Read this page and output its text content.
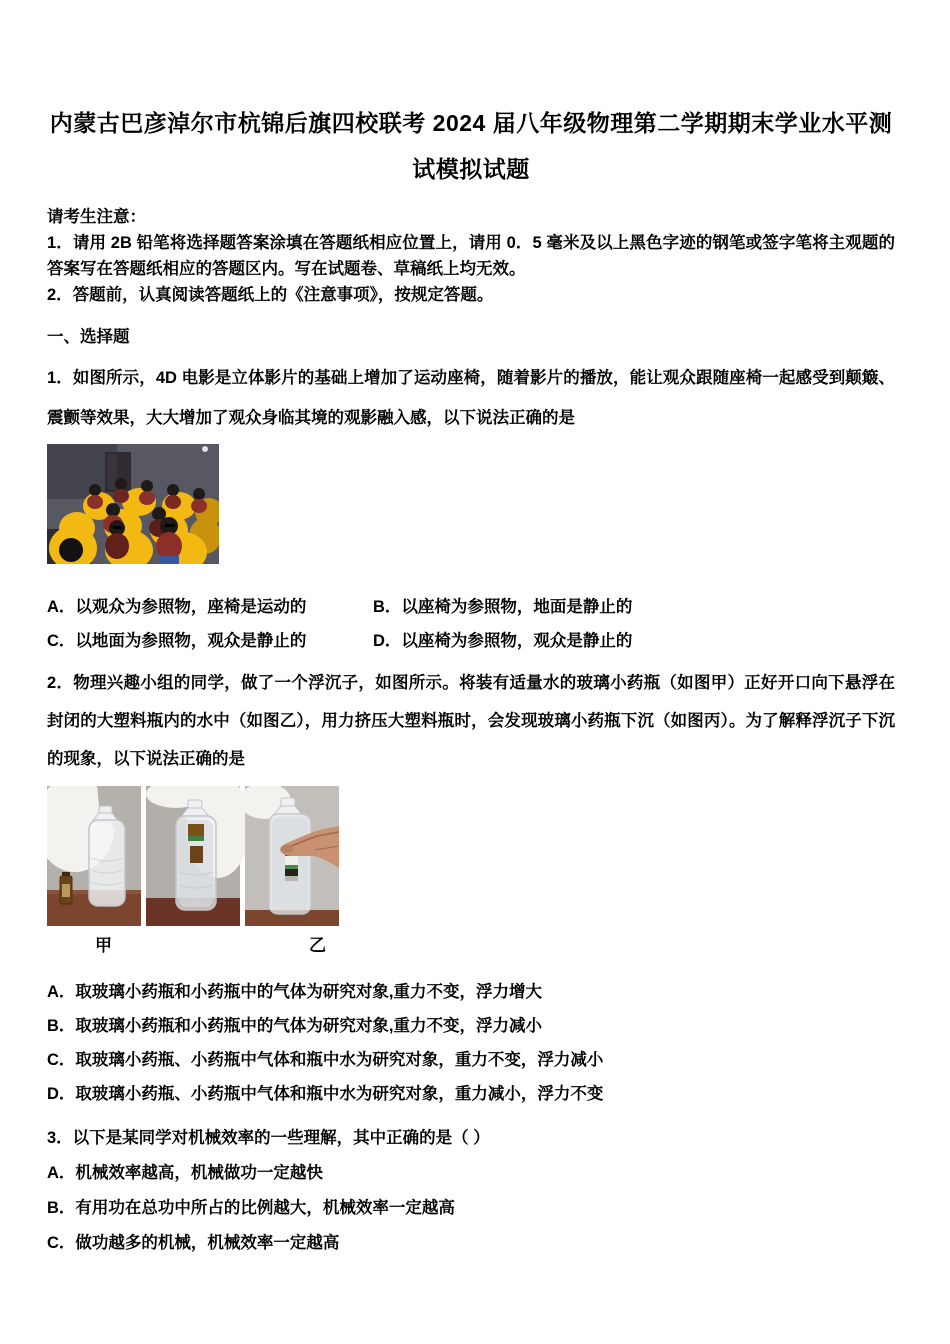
内蒙古巴彦淖尔市杭锦后旗四校联考 2024 届八年级物理第二学期期末学业水平测试模拟试题

请考生注意：

1．请用 2B 铅笔将选择题答案涂填在答题纸相应位置上，请用 0．5 毫米及以上黑色字迹的钢笔或签字笔将主观题的答案写在答题纸相应的答题区内。写在试题卷、草稿纸上均无效。

2．答题前，认真阅读答题纸上的《注意事项》，按规定答题。

一、选择题

1．如图所示，4D 电影是立体影片的基础上增加了运动座椅，随着影片的播放，能让观众跟随座椅一起感受到颠簸、震颤等效果，大大增加了观众身临其境的观影融入感，以下说法正确的是

A．以观众为参照物，座椅是运动的	B．以座椅为参照物，地面是静止的
C．以地面为参照物，观众是静止的	D．以座椅为参照物，观众是静止的

2．物理兴趣小组的同学，做了一个浮沉子，如图所示。将装有适量水的玻璃小药瓶（如图甲）正好开口向下悬浮在封闭的大塑料瓶内的水中（如图乙），用力挤压大塑料瓶时，会发现玻璃小药瓶下沉（如图丙）。为了解释浮沉子下沉的现象，以下说法正确的是

甲	乙
A．取玻璃小药瓶和小药瓶中的气体为研究对象,重力不变，浮力增大
B．取玻璃小药瓶和小药瓶中的气体为研究对象,重力不变，浮力减小
C．取玻璃小药瓶、小药瓶中气体和瓶中水为研究对象，重力不变，浮力减小
D．取玻璃小药瓶、小药瓶中气体和瓶中水为研究对象，重力减小，浮力不变

3．以下是某同学对机械效率的一些理解，其中正确的是（ ）

A．机械效率越高，机械做功一定越快
B．有用功在总功中所占的比例越大，机械效率一定越高
C．做功越多的机械，机械效率一定越高
